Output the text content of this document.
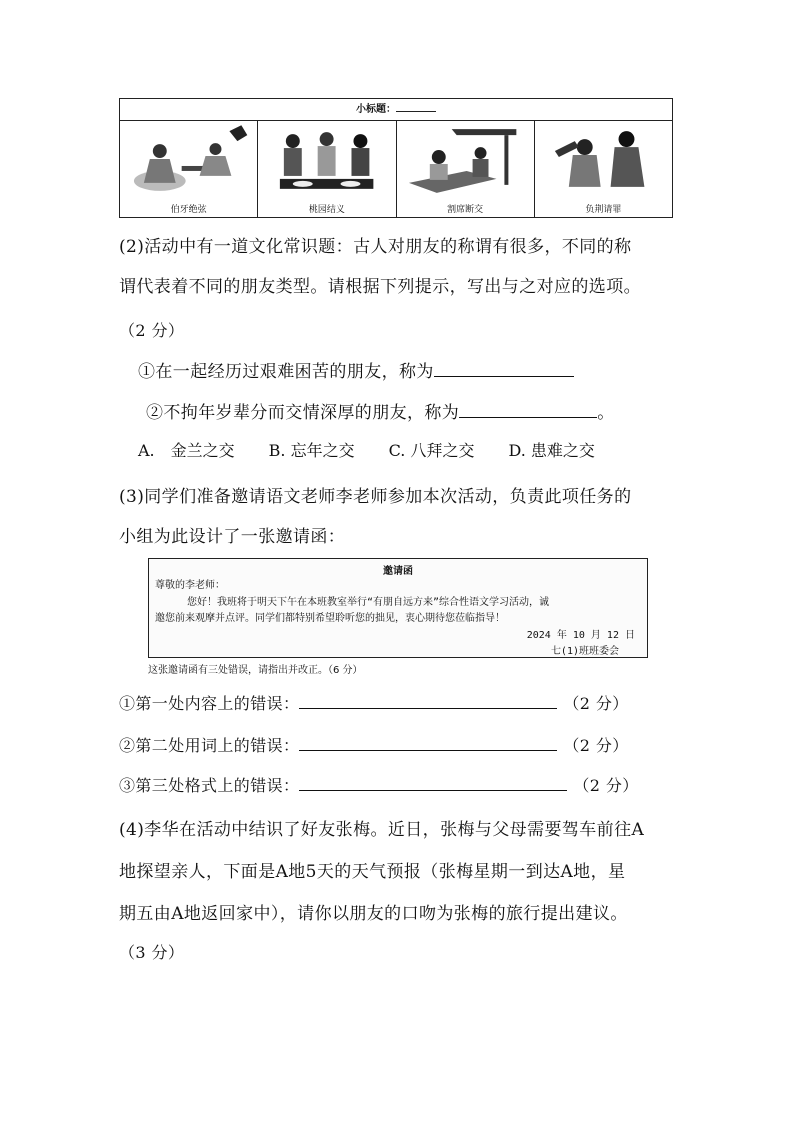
小标题：
伯牙绝弦	桃园结义	割席断交	负荆请罪
(2)活动中有一道文化常识题：古人对朋友的称谓有很多，不同的称
谓代表着不同的朋友类型。请根据下列提示，写出与之对应的选项。
（2 分）
①在一起经历过艰难困苦的朋友，称为
②不拘年岁辈分而交情深厚的朋友，称为	。
A.　金兰之交 B. 忘年之交 C. 八拜之交 D. 患难之交
(3)同学们准备邀请语文老师李老师参加本次活动，负责此项任务的
小组为此设计了一张邀请函：
邀请函
尊敬的李老师：
您好！我班将于明天下午在本班教室举行“有朋自远方来”综合性语文学习活动，诚
邀您前来观摩并点评。同学们都特别希望聆听您的拙见，衷心期待您莅临指导！
2024 年 10 月 12 日
七(1)班班委会
这张邀请函有三处错误，请指出并改正。（6 分）
①第一处内容上的错误：	（2 分）
②第二处用词上的错误：	（2 分）
③第三处格式上的错误：	（2 分）
(4)李华在活动中结识了好友张梅。近日，张梅与父母需要驾车前往A
地探望亲人，下面是A地5天的天气预报（张梅星期一到达A地，星
期五由A地返回家中），请你以朋友的口吻为张梅的旅行提出建议。
（3 分）
